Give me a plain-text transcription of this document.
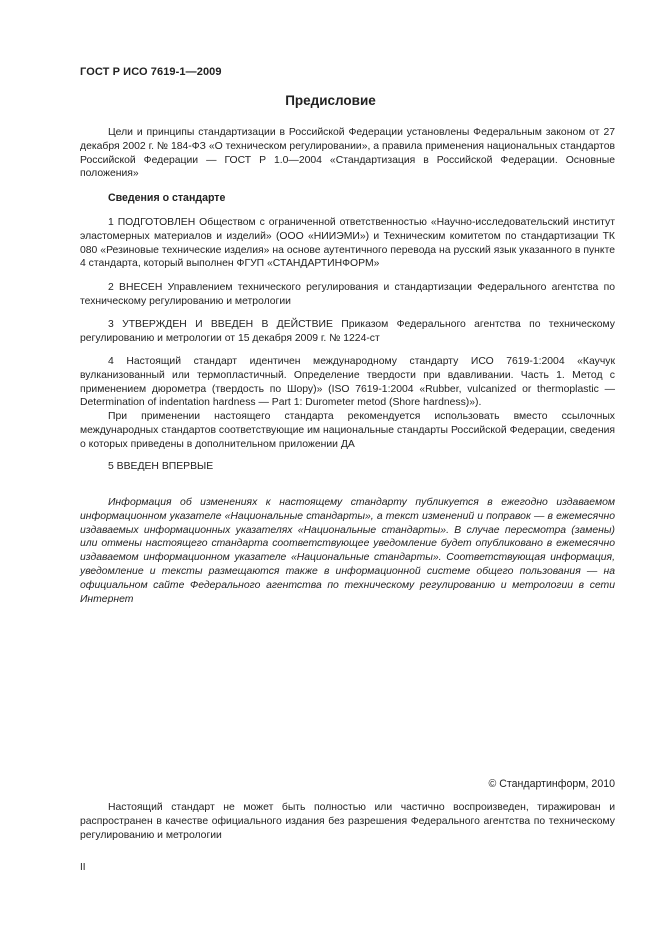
ГОСТ Р ИСО 7619-1—2009
Предисловие
Цели и принципы стандартизации в Российской Федерации установлены Федеральным законом от 27 декабря 2002 г. № 184-ФЗ «О техническом регулировании», а правила применения национальных стандартов Российской Федерации — ГОСТ Р 1.0—2004 «Стандартизация в Российской Федерации. Основные положения»
Сведения о стандарте
1 ПОДГОТОВЛЕН Обществом с ограниченной ответственностью «Научно-исследовательский институт эластомерных материалов и изделий» (ООО «НИИЭМИ») и Техническим комитетом по стандартизации ТК 080 «Резиновые технические изделия» на основе аутентичного перевода на русский язык указанного в пункте 4 стандарта, который выполнен ФГУП «СТАНДАРТИНФОРМ»
2 ВНЕСЕН Управлением технического регулирования и стандартизации Федерального агентства по техническому регулированию и метрологии
3 УТВЕРЖДЕН И ВВЕДЕН В ДЕЙСТВИЕ Приказом Федерального агентства по техническому регулированию и метрологии от 15 декабря 2009 г. № 1224-ст
4 Настоящий стандарт идентичен международному стандарту ИСО 7619-1:2004 «Каучук вулканизованный или термопластичный. Определение твердости при вдавливании. Часть 1. Метод с применением дюрометра (твердость по Шору)» (ISO 7619-1:2004 «Rubber, vulcanized or thermoplastic — Determination of indentation hardness — Part 1: Durometer metod (Shore hardness)»).
При применении настоящего стандарта рекомендуется использовать вместо ссылочных международных стандартов соответствующие им национальные стандарты Российской Федерации, сведения о которых приведены в дополнительном приложении ДА
5 ВВЕДЕН ВПЕРВЫЕ
Информация об изменениях к настоящему стандарту публикуется в ежегодно издаваемом информационном указателе «Национальные стандарты», а текст изменений и поправок — в ежемесячно издаваемых информационных указателях «Национальные стандарты». В случае пересмотра (замены) или отмены настоящего стандарта соответствующее уведомление будет опубликовано в ежемесячно издаваемом информационном указателе «Национальные стандарты». Соответствующая информация, уведомление и тексты размещаются также в информационной системе общего пользования — на официальном сайте Федерального агентства по техническому регулированию и метрологии в сети Интернет
© Стандартинформ, 2010
Настоящий стандарт не может быть полностью или частично воспроизведен, тиражирован и распространен в качестве официального издания без разрешения Федерального агентства по техническому регулированию и метрологии
II
